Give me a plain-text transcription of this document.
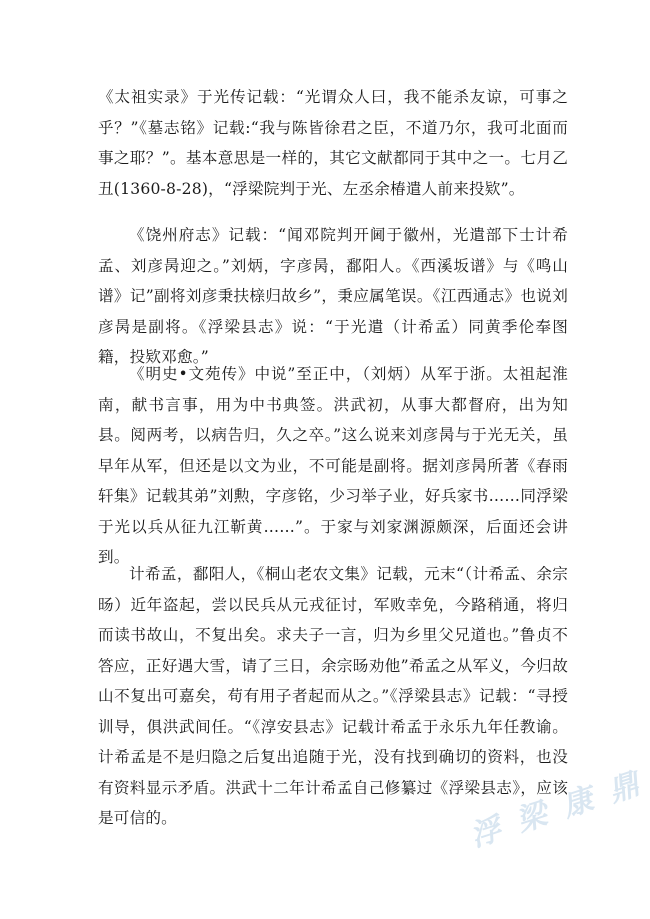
《太祖实录》于光传记载：“光谓众人曰，我不能杀友谅，可事之乎？”《墓志铭》记载:“我与陈皆徐君之臣，不道乃尔，我可北面而事之耶？”。基本意思是一样的，其它文献都同于其中之一。七月乙丑(1360-8-28)，“浮梁院判于光、左丞余椿遣人前来投欵”。

《饶州府志》记载：“闻邓院判开阃于徽州，光遣部下士计希孟、刘彦昺迎之。”刘炳，字彦昺，鄱阳人。《西溪坂谱》与《鸣山谱》记”副将刘彦秉扶榇归故乡”，秉应属笔误。《江西通志》也说刘彦昺是副将。《浮梁县志》说：“于光遣（计希孟）同黄季伦奉图籍，投欵邓愈。”

《明史•文苑传》中说”至正中，（刘炳）从军于浙。太祖起淮南，献书言事，用为中书典签。洪武初，从事大都督府，出为知县。阅两考，以病告归，久之卒。”这么说来刘彦昺与于光无关，虽早年从军，但还是以文为业，不可能是副将。据刘彦昺所著《春雨轩集》记载其弟”刘勲，字彦铭，少习举子业，好兵家书……同浮梁于光以兵从征九江靳黄……”。于家与刘家渊源颇深，后面还会讲到。

计希孟，鄱阳人，《桐山老农文集》记载，元末“（计希孟、余宗旸）近年盗起，尝以民兵从元戎征讨，军败幸免，今路稍通，将归而读书故山，不复出矣。求夫子一言，归为乡里父兄道也。”鲁贞不答应，正好遇大雪，请了三日，余宗旸劝他”希孟之从军义，今归故山不复出可嘉矣，苟有用子者起而从之。”《浮梁县志》记载：“寻授训导，俱洪武间任。“《淳安县志》记载计希孟于永乐九年任教谕。计希孟是不是归隐之后复出追随于光，没有找到确切的资料，也没有资料显示矛盾。洪武十二年计希孟自己修纂过《浮梁县志》，应该是可信的。	浮 梁 康 鼎
